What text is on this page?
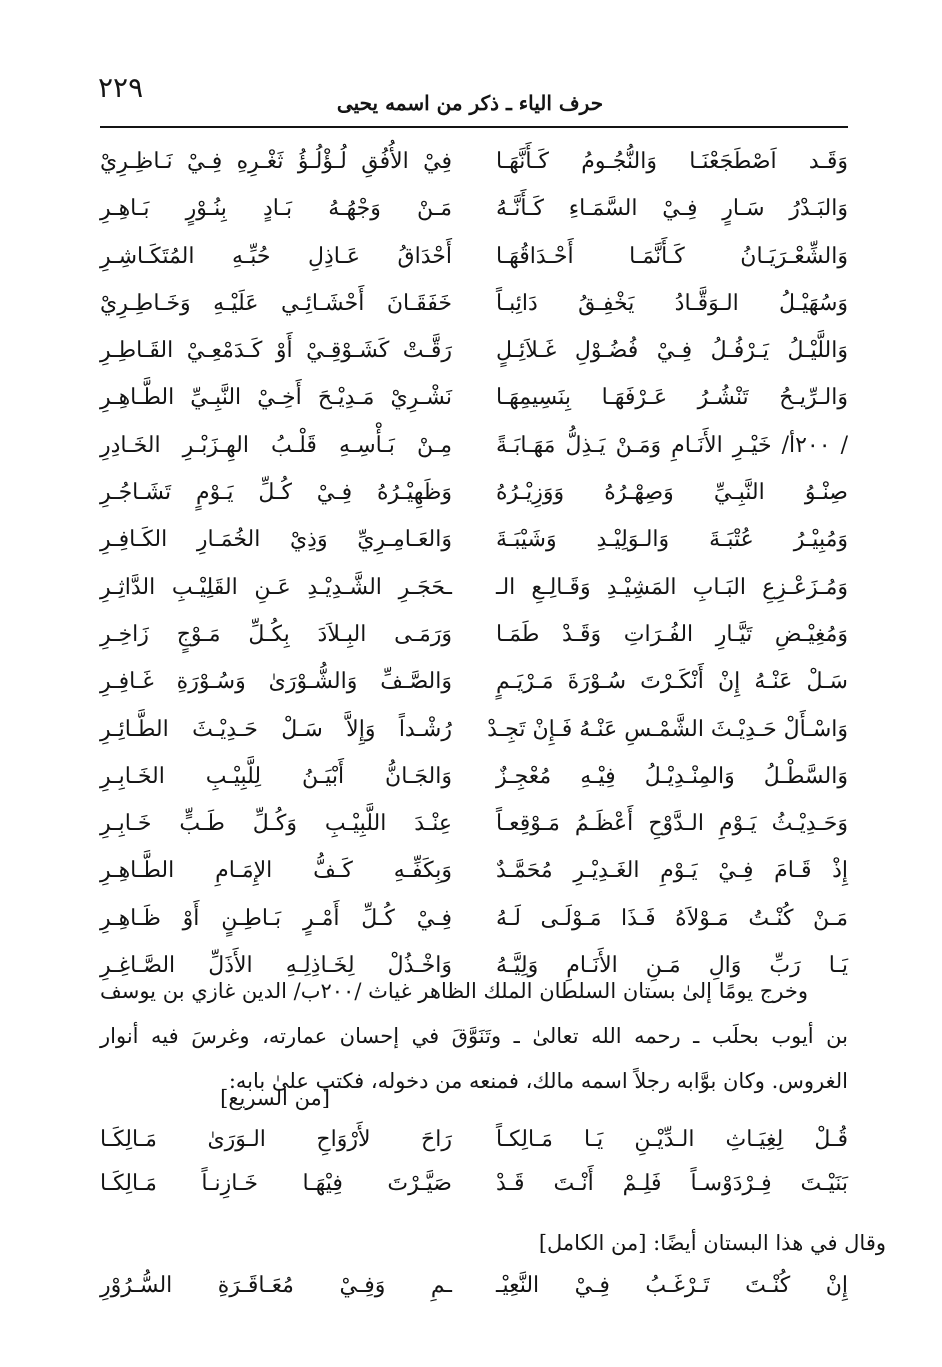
٢٢٩	حرف الياء ـ ذكر من اسمه يحيى
وَقَـد اَصْطَجَعْنَـا وَالنُّجُـومُ كَـأَنَّهَـا
فِيْ الأُفُقِ لُـؤْلُـؤُ ثَغْـرِهِ فِـيْ نَـاظِـرِيْ
وَالبَـدْرُ سَـارٍ فِـيْ السَّمَـاءِ كَـأَنَّـهُ
مَـنْ وَجْهُـهُ بَـادٍ بِنُـوْرٍ بَـاهِـرِ
وَالشِّعْـرَيَـانُ كَـأَنَّمَـا أَحْـدَاقُهَـا
أَحْدَاقُ عَـاذِلِ حُبِّـهِ المُتَكَـاشِـرِ
وَسُهَيْـلُ الـوَقَّـادُ يَخْفِـقُ دَائِبـاً
خَفَقَـانَ أَحْشَـائِـي عَلَيْـهِ وَخَـاطِـرِيْ
وَاللَّيْـلُ يَـرْفُـلُ فِـيْ فُضُـوْلِ غَـلاَئِـلٍ
رَقَّـتْ كَشَـوْقِـيْ أَوْ كَـدَمْعِـيْ القَـاطِـرِ
وَالـرِّيـحُ تَنْشُـرُ عَـرْفَهَـا بِنَسِيمِهَـا
نَشْـرِيْ مَـدِيْـحَ أَخِـيْ النَّبِـيِّ الطَّـاهِـرِ
/ ٢٠٠أ/ خَيْـرِ الأَنَـامِ وَمَـنْ يَـذِلُّ مَهَـابَـةً
مِـنْ بَـأْسِـهِ قَلْـبُ الهِـزَبْـرِ الخَـادِرِ
صِنْـوُ النَّبِـيِّ وَصِهْـرُهُ وَوَزِيْـرُهُ
وَظَهِيْـرُهُ فِـيْ كُـلِّ يَـوْمٍ تَشَـاجُـرِ
وَمُبِيْـرُ عُتْبَـةَ وَالـوَلِيْـدِ وَشَيْبَـةَ
وَالعَـامِـرِيِّ وَذِيْ الخُمَـارِ الكَـافِـرِ
وَمُـزَعْـزِعِ البَـابِ المَشِيْـدِ وَقَـالِـعِ الـ
ـحَجَـرِ الشَّـدِيْـدِ عَـنِ القَلِيْـبِ الدَّاثِـرِ
وَمُغِيْـضِ تَيَّـارِ الفُـرَاتِ وَقَـدْ طَمَـا
وَرَمَـى البِـلاَدَ بِكُـلِّ مَـوْجٍ زَاخِـرِ
سَـلْ عَنْـهُ إِنْ أَنْكَـرْتَ سُـوْرَةَ مَـرْيَـمٍ
وَالصَّـفِّ وَالشُّـوْرَىٰ وَسُـوْرَةِ غَـافِـرِ
وَاسْـأَلْ حَـدِيْـثَ الشَّمْـسِ عَنْـهُ فَـإِنْ تَجِـدْ
رُشْـداً وَإِلاَّ سَـلْ حَـدِيْـثَ الطَّـائِـرِ
وَالسَّطْـلُ وَالمِنْـدِيْـلُ فِيْـهِ مُعْجِـزٌ
وَالجَـانُّ أَبْيَـنُ لِلَّبِيْـبِ الخَـابِـرِ
وَحَـدِيْـثُ يَـوْمِ الـدَّوْحِ أَعْظَـمُ مَـوْقِعـاً
عِنْـدَ اللَّبِيْـبِ وَكُـلِّ طَـبٍّ خَـابِـرِ
إِذْ قَـامَ فِـيْ يَـوْمِ الغَـدِيْـرِ مُحَمَّـدٌ
وَبِكَفِّـهِ كَـفُّ الإِمَـامِ الطَّـاهِـرِ
مَـنْ كُنْـتُ مَـوْلاَهُ فَـذَا مَـوْلَـى لَـهُ
فِـيْ كُـلِّ أَمْـرٍ بَـاطِـنٍ أَوْ ظَـاهِـرِ
يَـا رَبِّ وَالِ مَـنِ الأَنَـامِ وَلِيَّـهُ
وَاخْـذُلْ لِخَـاذِلِـهِ الأَذَلِّ الصَّـاغِـرِ

وخرج يومًا إلىٰ بستان السلطان الملك الظاهر غياث /٢٠٠ب/ الدين غازي بن يوسف بن أيوب بحلَب ـ رحمه الله تعالىٰ ـ وتَنَوَّقَ في إحسان عمارته، وغرسَ فيه أنوار الغروس. وكان بوَّابه رجلاً اسمه مالك، فمنعه من دخوله، فكتب علىٰ بابه:

[من السريع]
قُـلْ لِغِيَـاثِ الـدِّيْـنِ يَـا مَـالِكـاً
رَاحَ لأَرْوَاحِ الـوَرَىٰ مَـالِكَـا
بَنَيْـتَ فِـرْدَوْسـاً فَلِـمْ أَنْـتَ قَـدْ
صَيَّـرْتَ فِيْهَـا خَـازِنـاً مَـالِكَـا
وقال في هذا البستان أيضًا: [من الكامل]
إِنْ كُنْـتَ تَـرْغَـبُ فِـيْ النَّعِيْـ
ـمِ وَفِـيْ مُعَـاقَـرَةِ السُّـرُوْرِ
